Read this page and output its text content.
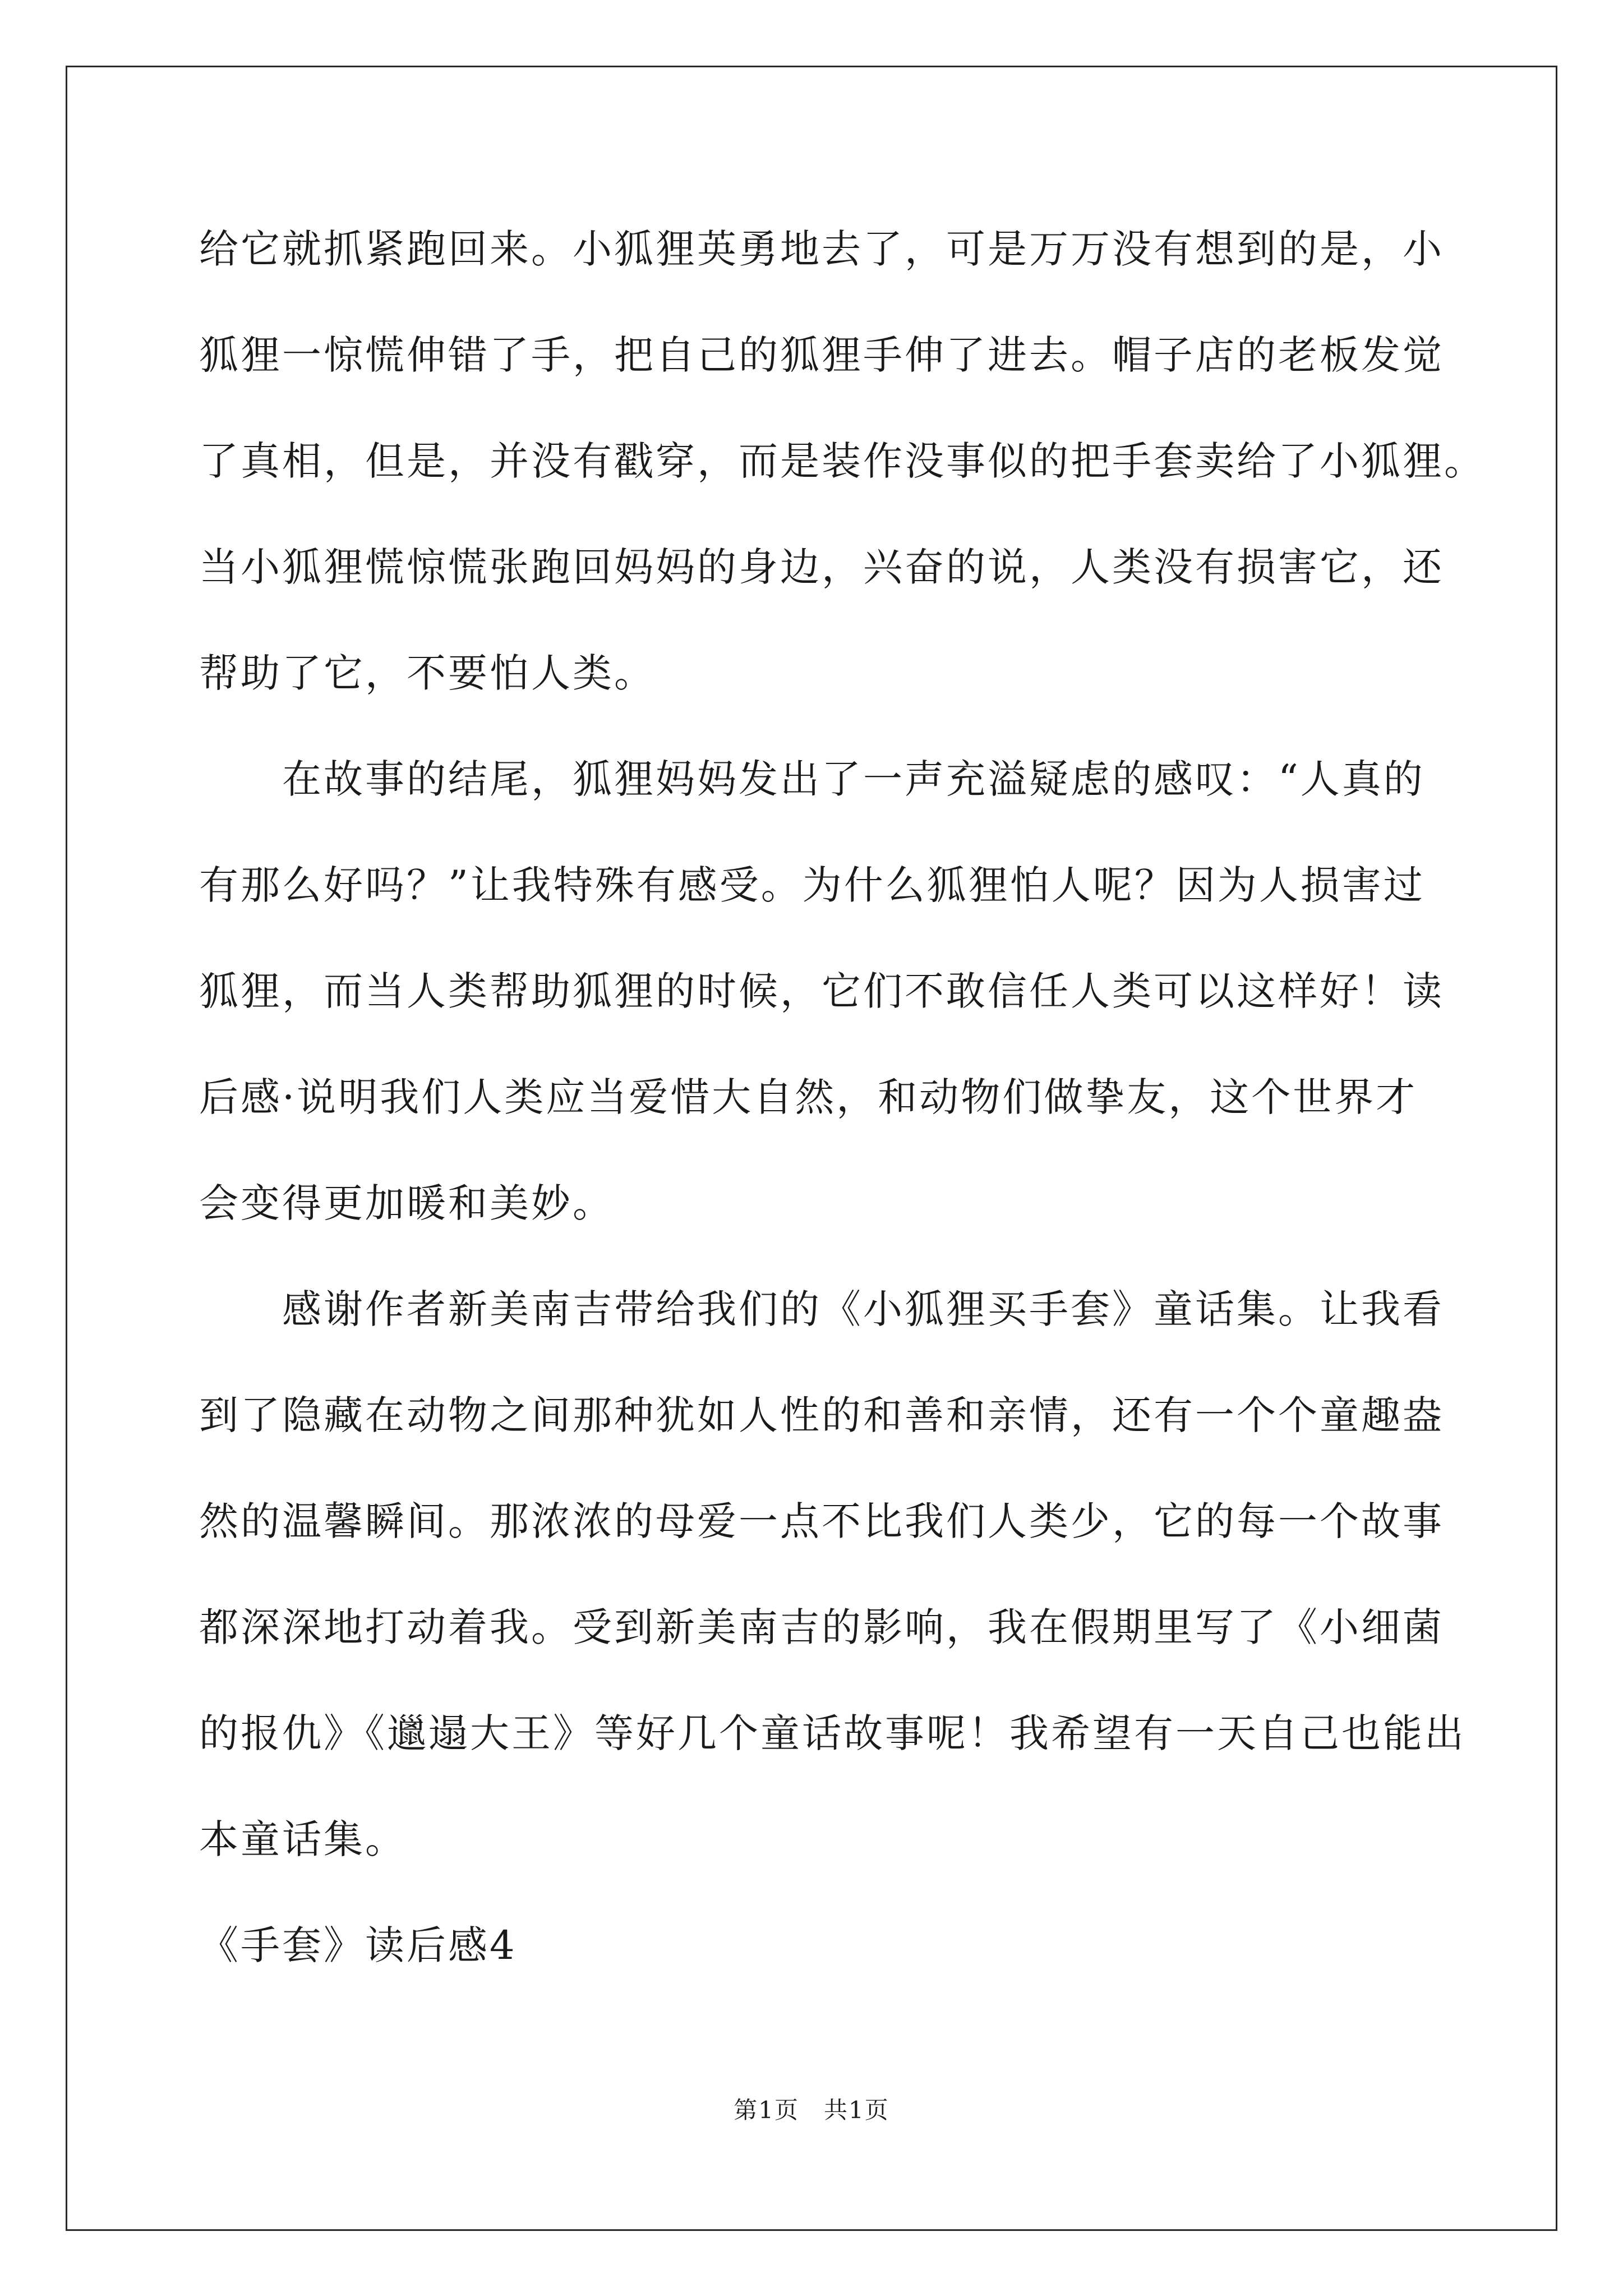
给它就抓紧跑回来。小狐狸英勇地去了，可是万万没有想到的是，小
狐狸一惊慌伸错了手，把自己的狐狸手伸了进去。帽子店的老板发觉
了真相，但是，并没有戳穿，而是装作没事似的把手套卖给了小狐狸。
当小狐狸慌惊慌张跑回妈妈的身边，兴奋的说，人类没有损害它，还
帮助了它，不要怕人类。

在故事的结尾，狐狸妈妈发出了一声充溢疑虑的感叹：“人真的
有那么好吗？”让我特殊有感受。为什么狐狸怕人呢？因为人损害过
狐狸，而当人类帮助狐狸的时候，它们不敢信任人类可以这样好！读
后感·说明我们人类应当爱惜大自然，和动物们做挚友，这个世界才
会变得更加暖和美妙。

感谢作者新美南吉带给我们的《小狐狸买手套》童话集。让我看
到了隐藏在动物之间那种犹如人性的和善和亲情，还有一个个童趣盎
然的温馨瞬间。那浓浓的母爱一点不比我们人类少，它的每一个故事
都深深地打动着我。受到新美南吉的影响，我在假期里写了《小细菌
的报仇》《邋遢大王》等好几个童话故事呢！我希望有一天自己也能出
本童话集。

《手套》读后感4

第1页　共1页
